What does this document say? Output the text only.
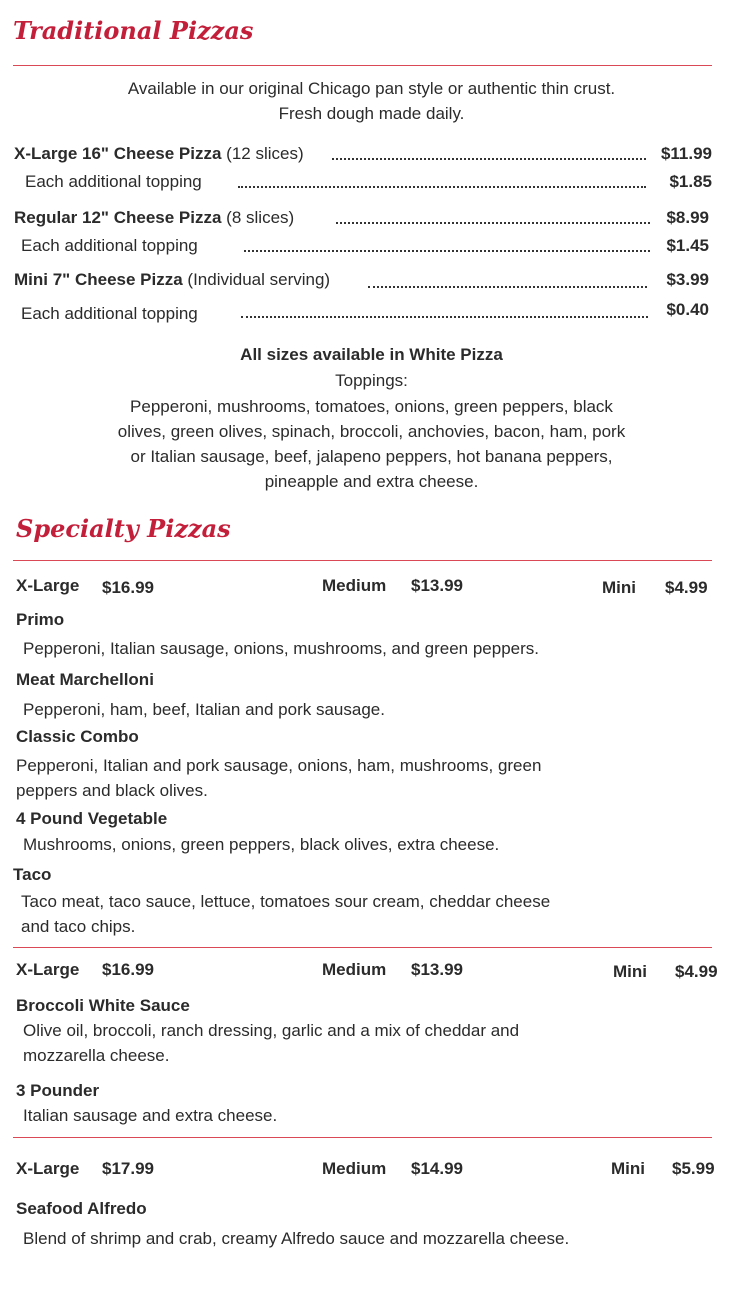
Traditional Pizzas
Available in our original Chicago pan style or authentic thin crust.
Fresh dough made daily.
X-Large 16" Cheese Pizza (12 slices)	$11.99
Each additional topping	$1.85
Regular 12" Cheese Pizza (8 slices)	$8.99
Each additional topping	$1.45
Mini 7" Cheese Pizza (Individual serving)	$3.99
Each additional topping	$0.40
All sizes available in White Pizza
Toppings:
Pepperoni, mushrooms, tomatoes, onions, green peppers, black
olives, green olives, spinach, broccoli, anchovies, bacon, ham, pork
or Italian sausage, beef, jalapeno peppers, hot banana peppers,
pineapple and extra cheese.
Specialty Pizzas
X-Large $16.99	Medium $13.99	Mini $4.99
Primo
Pepperoni, Italian sausage, onions, mushrooms, and green peppers.
Meat Marchelloni
Pepperoni, ham, beef, Italian and pork sausage.
Classic Combo
Pepperoni, Italian and pork sausage, onions, ham, mushrooms, green
peppers and black olives.
4 Pound Vegetable
Mushrooms, onions, green peppers, black olives, extra cheese.
Taco
Taco meat, taco sauce, lettuce, tomatoes sour cream, cheddar cheese
and taco chips.
X-Large $16.99	Medium $13.99	Mini $4.99
Broccoli White Sauce
Olive oil, broccoli, ranch dressing, garlic and a mix of cheddar and
mozzarella cheese.
3 Pounder
Italian sausage and extra cheese.
X-Large $17.99	Medium $14.99	Mini $5.99
Seafood Alfredo
Blend of shrimp and crab, creamy Alfredo sauce and mozzarella cheese.
